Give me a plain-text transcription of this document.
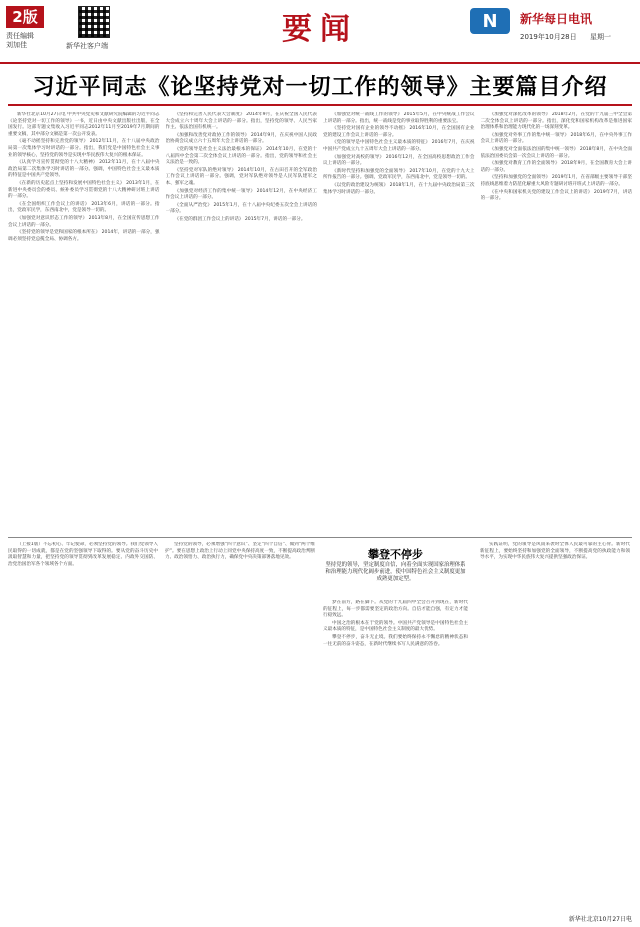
2版
责任编辑
刘加佳	新华社客户端	要闻	N 新华每日电讯
2019年10月28日 星期一
习近平同志《论坚持党对一切工作的领导》主要篇目介绍
新华社北京10月27日电 中共中央党史和文献研究院编辑的习近平同志《论坚持党对一切工作的领导》一书，近日由中央文献出版社出版，在全国发行。这部专题文集收入习近平同志2012年11月至2019年7月期间的重要文稿，其中部分文稿是第一次公开发表。
《毫不动摇坚持和完善党的领导》 2012年11月，在十八届中央政治局第一次集体学习时讲话的一部分。指出，我们党是中国特色社会主义事业的领导核心，坚持党的领导是实现中华民族伟大复兴的根本保证。
《认真学习宣传贯彻党的十八大精神》 2012年11月，在十八届中央政治局第二次集体学习时讲话的一部分。强调，中国特色社会主义最本质的特征是中国共产党领导。
《在新的历史起点上坚持和发展中国特色社会主义》 2013年1月，在新进中央委员会的委员、候补委员学习贯彻党的十八大精神研讨班上讲话的一部分。
《在全国组织工作会议上的讲话》 2013年6月，讲话的一部分。指出，党政军民学，东西南北中，党是领导一切的。
《加强党对意识形态工作的领导》 2013年8月，在全国宣传思想工作会议上讲话的一部分。
《坚持党的领导是党和国家的根本所在》 2014年，讲话的一部分，强调必须坚持党总揽全局、协调各方。
《坚持和完善人民代表大会制度》 2014年9月，在庆祝全国人民代表大会成立六十周年大会上讲话的一部分。指出，坚持党的领导、人民当家作主、依法治国有机统一。
《加强和改善党对政协工作的领导》 2014年9月，在庆祝中国人民政治协商会议成立六十五周年大会上讲话的一部分。
《党的领导是社会主义法治最根本的保证》 2014年10月，在党的十八届四中全会第二次全体会议上讲话的一部分。指出，党的领导和社会主义法治是一致的。
《坚持党对军队的绝对领导》 2014年10月，在古田召开的全军政治工作会议上讲话的一部分。强调，党对军队绝对领导是人民军队建军之本、强军之魂。
《加强党对经济工作的集中统一领导》 2014年12月，在中央经济工作会议上讲话的一部分。
《全面从严治党》 2015年1月，在十八届中央纪委五次全会上讲话的一部分。
《在党的群团工作会议上的讲话》 2015年7月，讲话的一部分。
《加强党对统一战线工作的领导》 2015年5月，在中央统战工作会议上讲话的一部分。指出，统一战线是党的事业取得胜利的重要法宝。
《坚持党对国有企业的领导不动摇》 2016年10月，在全国国有企业党的建设工作会议上讲话的一部分。
《党的领导是中国特色社会主义最本质的特征》 2016年7月，在庆祝中国共产党成立九十五周年大会上讲话的一部分。
《加强党对高校的领导》 2016年12月，在全国高校思想政治工作会议上讲话的一部分。
《新时代坚持和加强党的全面领导》 2017年10月，在党的十九大上所作报告的一部分。强调，党政军民学，东西南北中，党是领导一切的。
《以党的政治建设为统领》 2018年1月，在十九届中央政治局第三次集体学习时讲话的一部分。
《加强党对深化改革的领导》 2018年2月，在党的十九届三中全会第二次全体会议上讲话的一部分。指出，深化党和国家机构改革是推进国家治理体系和治理能力现代化的一场深刻变革。
《加强党对外事工作的集中统一领导》 2018年6月，在中央外事工作会议上讲话的一部分。
《加强党对全面依法治国的集中统一领导》 2018年8月，在中央全面依法治国委员会第一次会议上讲话的一部分。
《加强党对教育工作的全面领导》 2018年9月，在全国教育大会上讲话的一部分。
《坚持和加强党的全面领导》 2019年1月，在省部级主要领导干部坚持底线思维着力防范化解重大风险专题研讨班开班式上讲话的一部分。
《在中央和国家机关党的建设工作会议上的讲话》 2019年7月，讲话的一部分。
（上接1版）不忘初心、牢记使命，必须坚持党的领导。我们党领导人民取得的一切成就，都是在党的坚强领导下取得的。要从党的奋斗历史中汲取智慧和力量，把坚持党的领导贯彻到改革发展稳定、内政外交国防、治党治国治军各个领域各个方面。
坚持党的领导，必须增强“四个意识”、坚定“四个自信”、做到“两个维护”。要在思想上政治上行动上同党中央保持高度一致，不断提高政治判断力、政治领悟力、政治执行力，确保党中央决策部署落地见效。	攀登不停步
坚持党的领导，坚定制度自信，向着全面实现国家治理体系和治理能力现代化阔步前进，使中国特色社会主义制度更加成熟更加定型。
梦在前方，路在脚下。从党的十九届四中全会召开到现在，新时代的征程上，每一步都需要坚定的政治方向。自信才能自强，有定力才能行稳致远。
中国之治的根本在于党的领导。中国共产党领导是中国特色社会主义最本质的特征，是中国特色社会主义制度的最大优势。
攀登不停步，奋斗无止境。我们要始终保持永不懈怠的精神状态和一往无前的奋斗姿态，在新时代继续书写人民满意的答卷。
实践证明，党的领导是风雨来袭时全体人民最可靠的主心骨。新时代新征程上，要始终坚持和加强党的全面领导，不断提高党的执政能力和领导水平，为实现中华民族伟大复兴提供坚强政治保证。
新华社北京10月27日电
